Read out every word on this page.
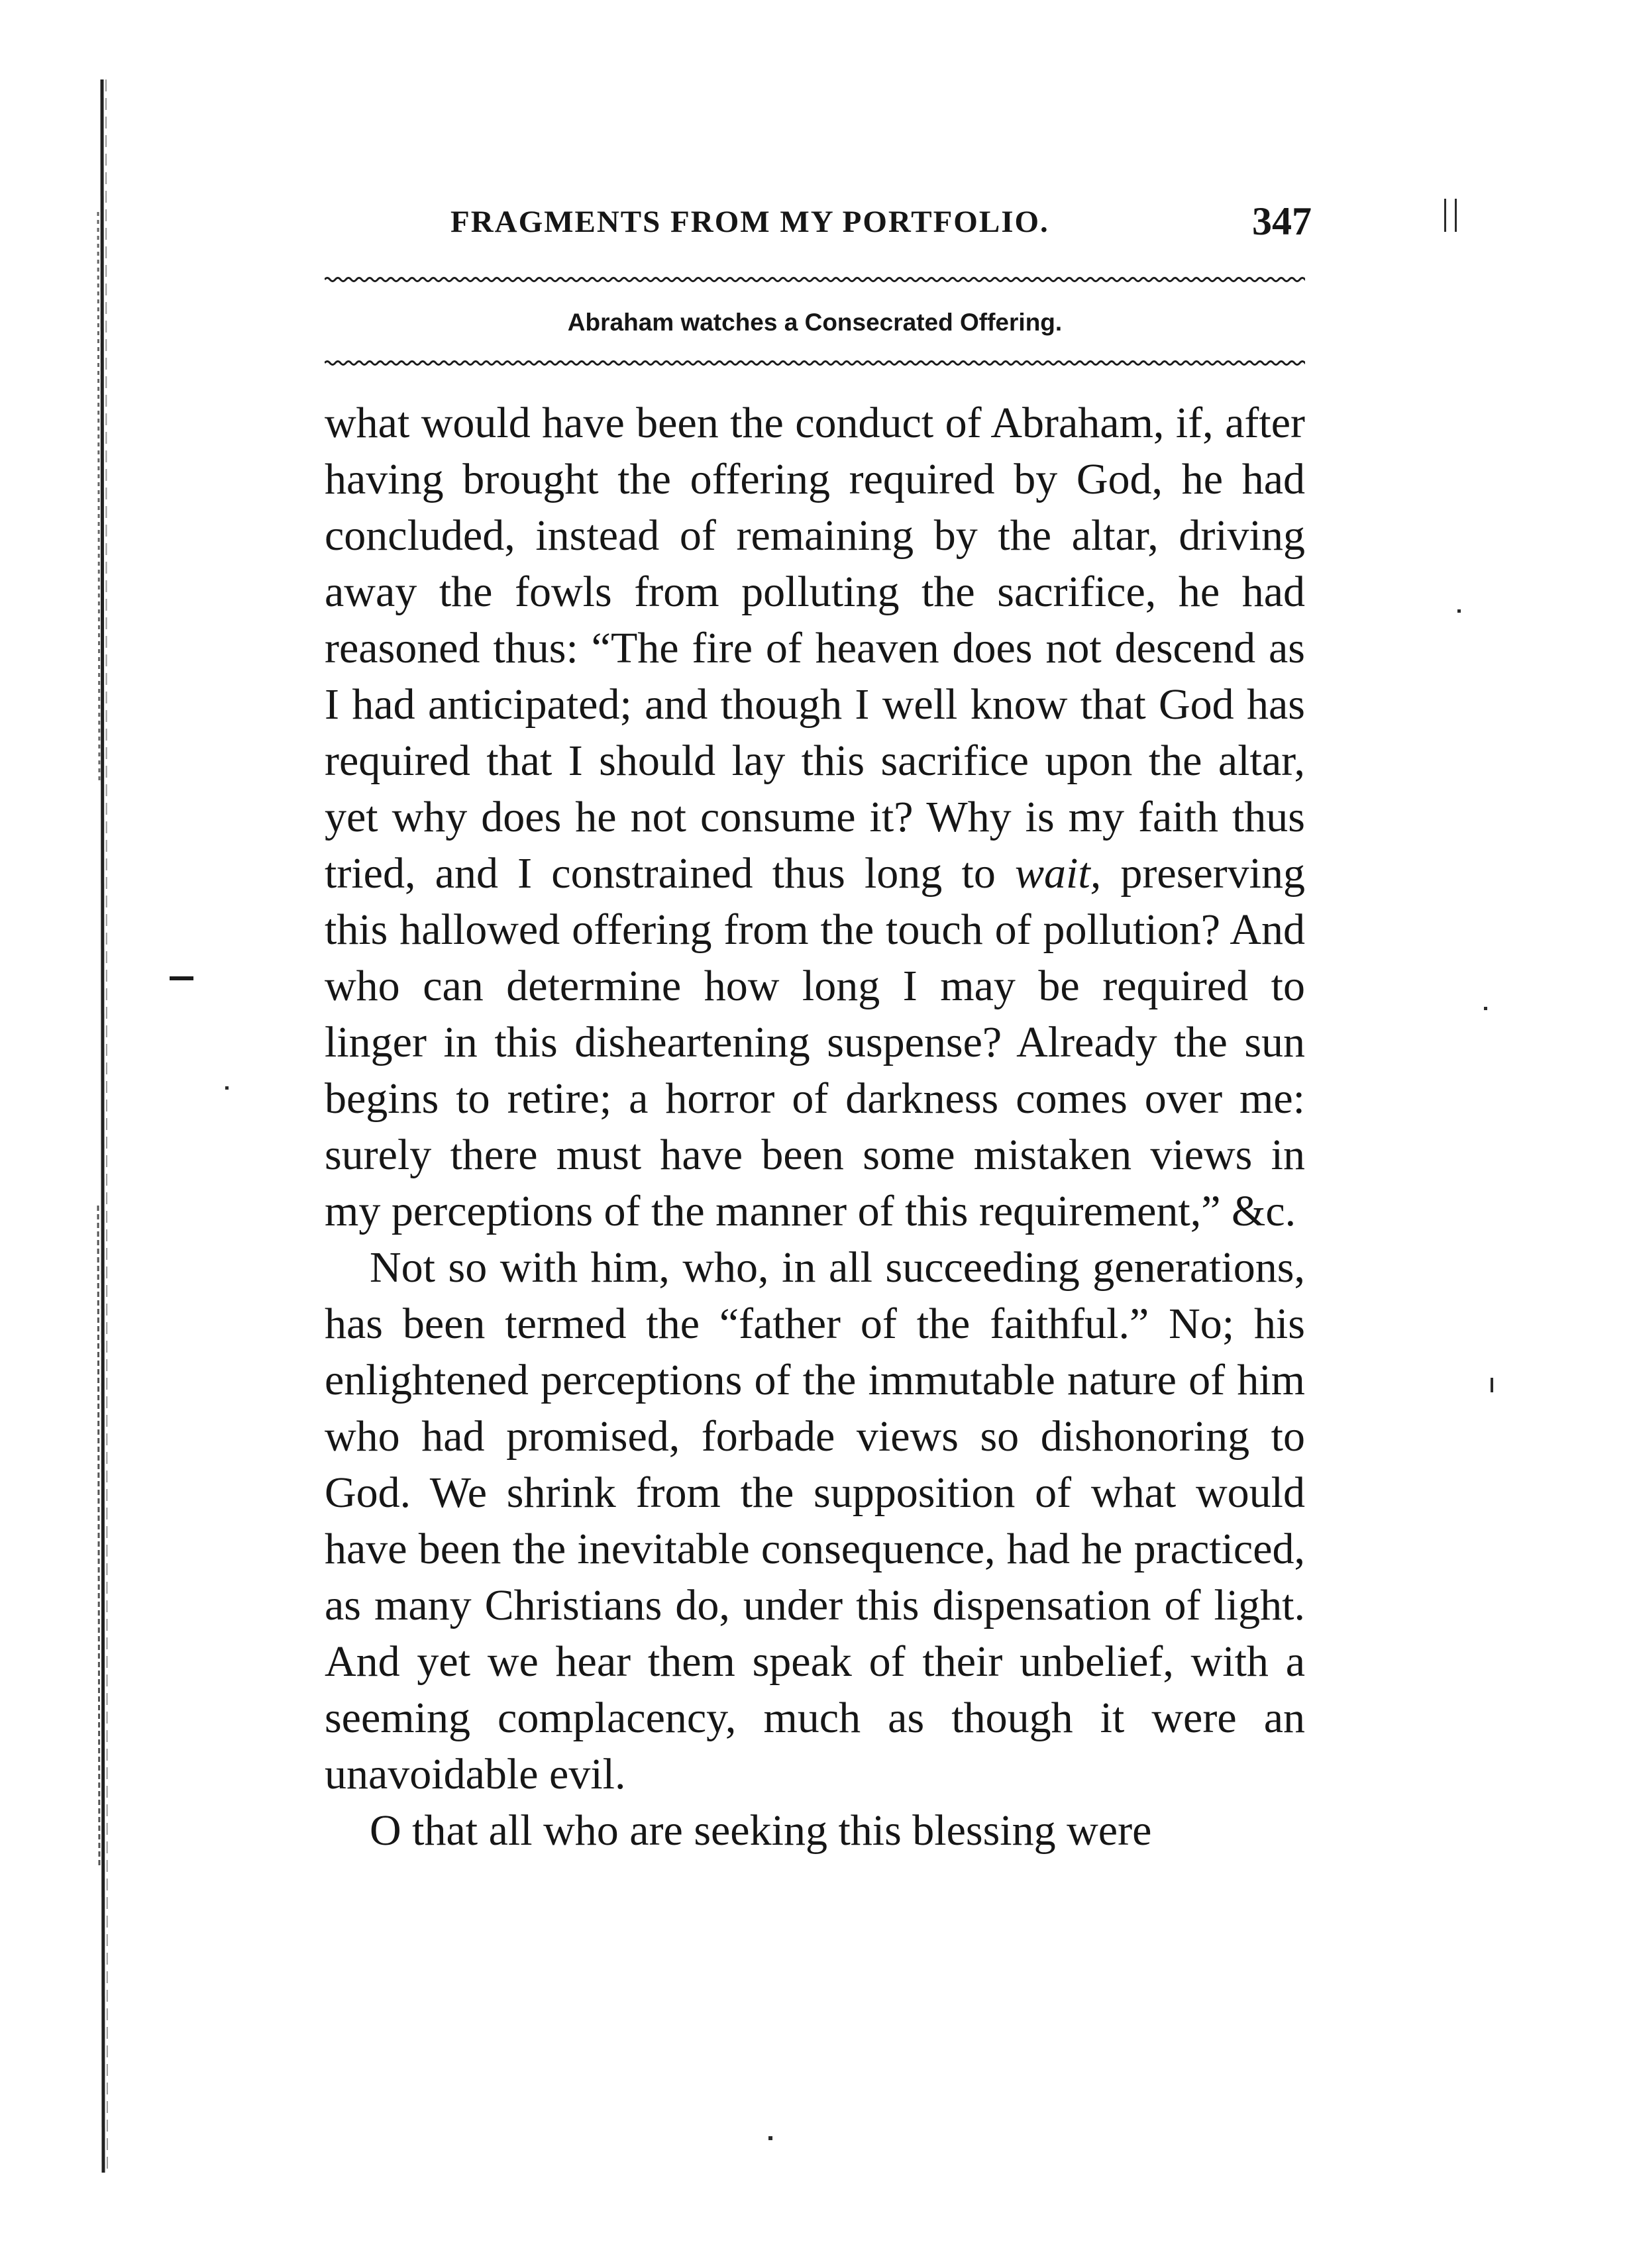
FRAGMENTS FROM MY PORTFOLIO.	347
Abraham watches a Consecrated Offering.

what would have been the conduct of Abraham, if, after having brought the offering required by God, he had concluded, instead of remaining by the altar, driving away the fowls from polluting the sacrifice, he had reasoned thus: “The fire of heaven does not descend as I had anticipated; and though I well know that God has required that I should lay this sacrifice upon the altar, yet why does he not consume it? Why is my faith thus tried, and I constrained thus long to wait, preserving this hallowed offering from the touch of pollution? And who can determine how long I may be required to linger in this disheartening suspense? Already the sun begins to retire; a horror of darkness comes over me: surely there must have been some mistaken views in my perceptions of the manner of this requirement,” &c.

Not so with him, who, in all succeeding generations, has been termed the “father of the faithful.” No; his enlightened perceptions of the immutable nature of him who had promised, forbade views so dishonoring to God. We shrink from the supposition of what would have been the inevitable consequence, had he practiced, as many Christians do, under this dispensation of light. And yet we hear them speak of their unbelief, with a seeming complacency, much as though it were an unavoidable evil.

O that all who are seeking this blessing were
